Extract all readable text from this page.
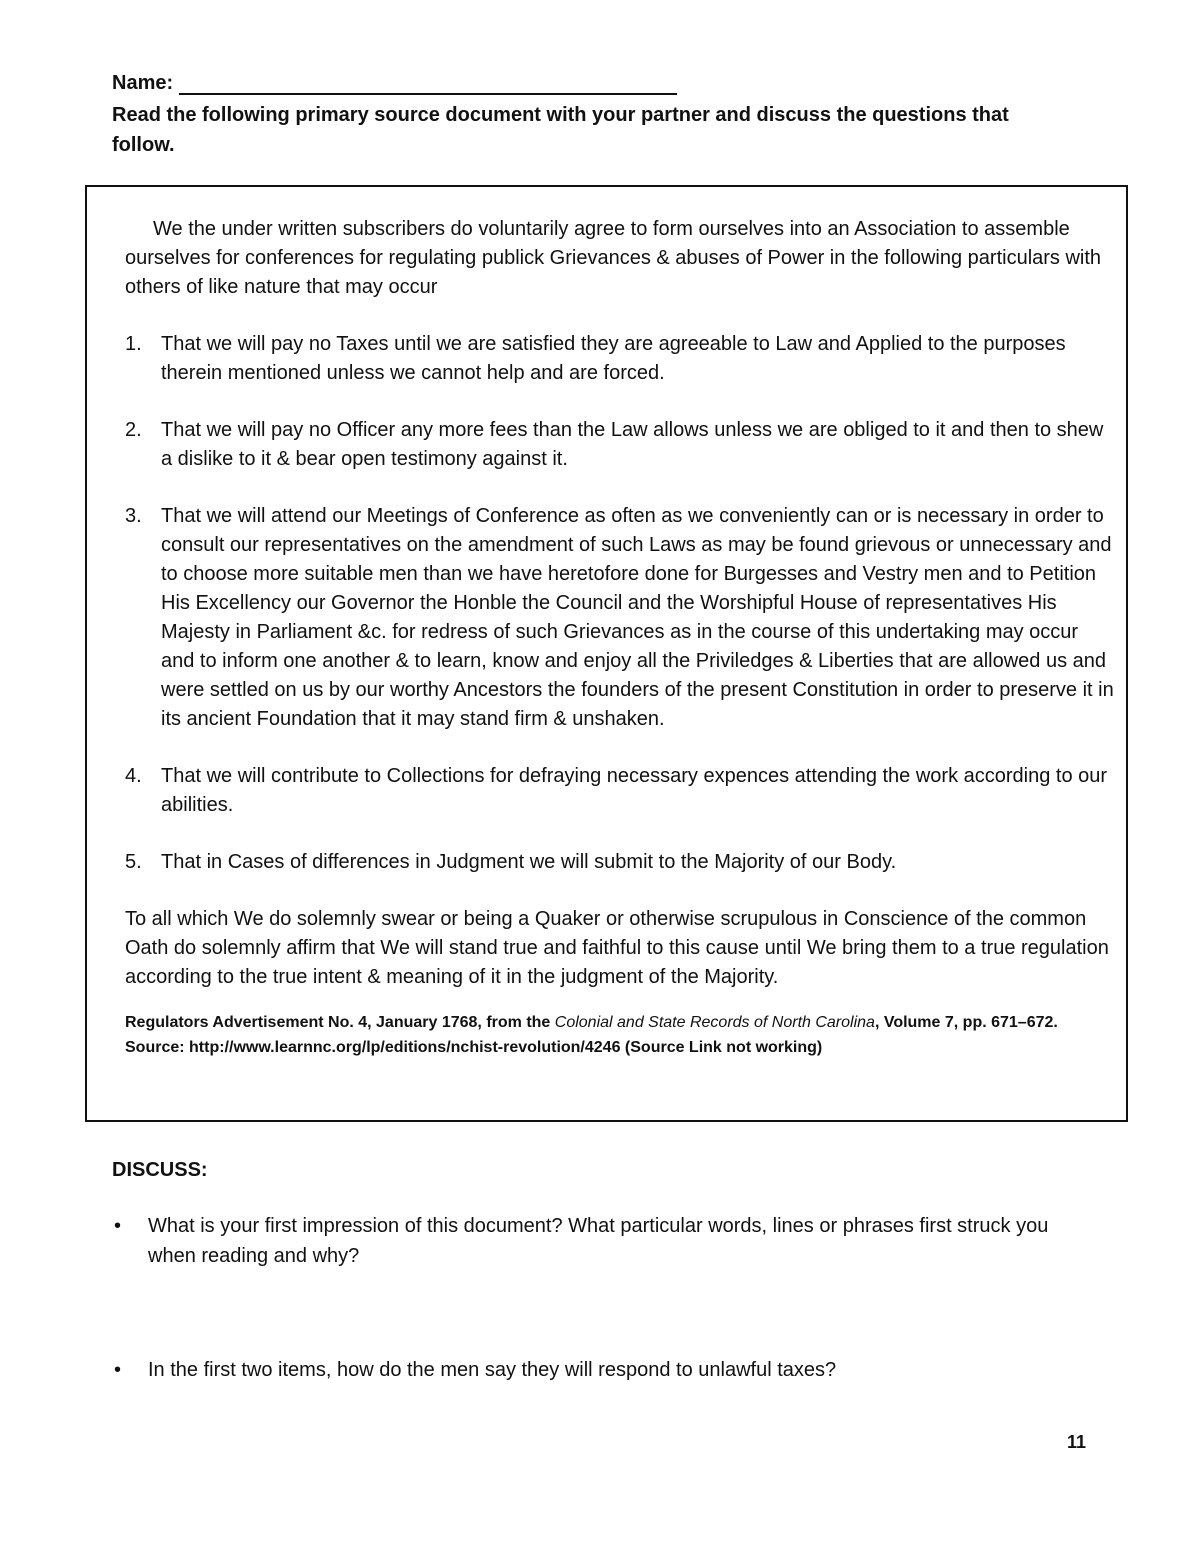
Name:
Read the following primary source document with your partner and discuss the questions that follow.

We the under written subscribers do voluntarily agree to form ourselves into an Association to assemble ourselves for conferences for regulating publick Grievances & abuses of Power in the following particulars with others of like nature that may occur

1. That we will pay no Taxes until we are satisfied they are agreeable to Law and Applied to the purposes therein mentioned unless we cannot help and are forced.
2. That we will pay no Officer any more fees than the Law allows unless we are obliged to it and then to shew a dislike to it & bear open testimony against it.
3. That we will attend our Meetings of Conference as often as we conveniently can or is necessary in order to consult our representatives on the amendment of such Laws as may be found grievous or unnecessary and to choose more suitable men than we have heretofore done for Burgesses and Vestry men and to Petition His Excellency our Governor the Honble the Council and the Worshipful House of representatives His Majesty in Parliament &c. for redress of such Grievances as in the course of this undertaking may occur and to inform one another & to learn, know and enjoy all the Priviledges & Liberties that are allowed us and were settled on us by our worthy Ancestors the founders of the present Constitution in order to preserve it in its ancient Foundation that it may stand firm & unshaken.
4. That we will contribute to Collections for defraying necessary expences attending the work according to our abilities.
5. That in Cases of differences in Judgment we will submit to the Majority of our Body.

To all which We do solemnly swear or being a Quaker or otherwise scrupulous in Conscience of the common Oath do solemnly affirm that We will stand true and faithful to this cause until We bring them to a true regulation according to the true intent & meaning of it in the judgment of the Majority.

Regulators Advertisement No. 4, January 1768, from the Colonial and State Records of North Carolina, Volume 7, pp. 671–672. Source: http://www.learnnc.org/lp/editions/nchist-revolution/4246 (Source Link not working)
DISCUSS:
• What is your first impression of this document? What particular words, lines or phrases first struck you when reading and why?
• In the first two items, how do the men say they will respond to unlawful taxes?
11
